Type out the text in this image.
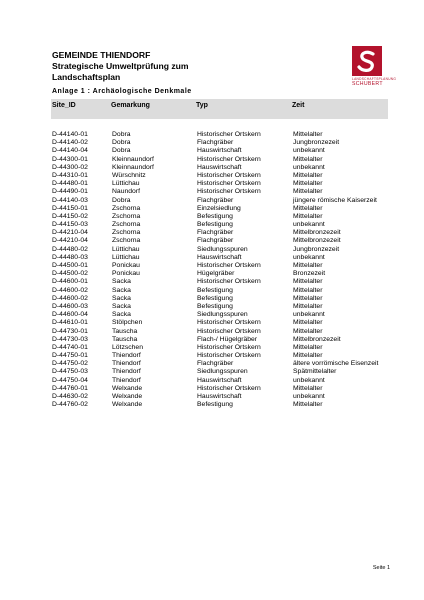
GEMEINDE THIENDORF
Strategische Umweltprüfung zum
Landschaftsplan	LANDSCHAFTSPLANUNG
SCHUBERT
Anlage 1 : Archäologische Denkmale
Site_ID	Gemarkung	Typ	Zeit
D-44140-01	Dobra	Historischer Ortskern	Mittelalter
D-44140-02	Dobra	Flachgräber	Jungbronzezeit
D-44140-04	Dobra	Hauswirtschaft	unbekannt
D-44300-01	Kleinnaundorf	Historischer Ortskern	Mittelalter
D-44300-02	Kleinnaundorf	Hauswirtschaft	unbekannt
D-44310-01	Würschnitz	Historischer Ortskern	Mittelalter
D-44480-01	Lüttichau	Historischer Ortskern	Mittelalter
D-44490-01	Naundorf	Historischer Ortskern	Mittelalter
D-44140-03	Dobra	Flachgräber	jüngere römische Kaiserzeit
D-44150-01	Zschorna	Einzelsiedlung	Mittelalter
D-44150-02	Zschorna	Befestigung	Mittelalter
D-44150-03	Zschorna	Befestigung	unbekannt
D-44210-04	Zschorna	Flachgräber	Mittelbronzezeit
D-44210-04	Zschorna	Flachgräber	Mittelbronzezeit
D-44480-02	Lüttichau	Siedlungsspuren	Jungbronzezeit
D-44480-03	Lüttichau	Hauswirtschaft	unbekannt
D-44500-01	Ponickau	Historischer Ortskern	Mittelalter
D-44500-02	Ponickau	Hügelgräber	Bronzezeit
D-44600-01	Sacka	Historischer Ortskern	Mittelalter
D-44600-02	Sacka	Befestigung	Mittelalter
D-44600-02	Sacka	Befestigung	Mittelalter
D-44600-03	Sacka	Befestigung	Mittelalter
D-44600-04	Sacka	Siedlungsspuren	unbekannt
D-44610-01	Stölpchen	Historischer Ortskern	Mittelalter
D-44730-01	Tauscha	Historischer Ortskern	Mittelalter
D-44730-03	Tauscha	Flach-/ Hügelgräber	Mittelbronzezeit
D-44740-01	Lötzschen	Historischer Ortskern	Mittelalter
D-44750-01	Thiendorf	Historischer Ortskern	Mittelalter
D-44750-02	Thiendorf	Flachgräber	ältere vorrömische Eisenzeit
D-44750-03	Thiendorf	Siedlungsspuren	Spätmittelalter
D-44750-04	Thiendorf	Hauswirtschaft	unbekannt
D-44760-01	Welxande	Historischer Ortskern	Mittelalter
D-44630-02	Welxande	Hauswirtschaft	unbekannt
D-44760-02	Welxande	Befestigung	Mittelalter
Seite 1
